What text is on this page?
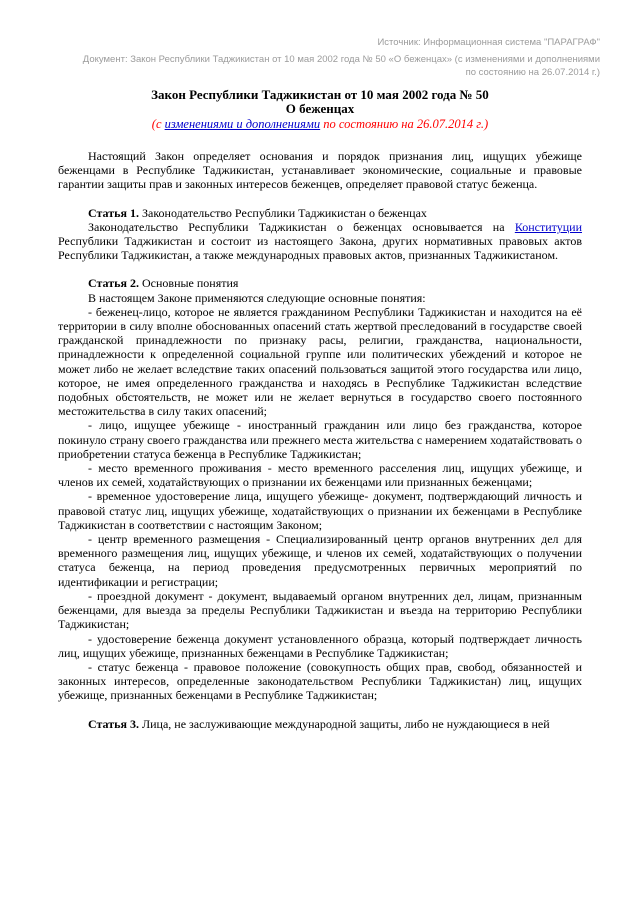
Источник: Информационная система "ПАРАГРАФ"
Документ: Закон Республики Таджикистан от 10 мая 2002 года № 50 «О беженцах» (с изменениями и дополнениями по состоянию на 26.07.2014 г.)
Закон Республики Таджикистан от 10 мая 2002 года № 50
О беженцах
(с изменениями и дополнениями по состоянию на 26.07.2014 г.)

Настоящий Закон определяет основания и порядок признания лиц, ищущих убежище беженцами в Республике Таджикистан, устанавливает экономические, социальные и правовые гарантии защиты прав и законных интересов беженцев, определяет правовой статус беженца.

Статья 1. Законодательство Республики Таджикистан о беженцах

Законодательство Республики Таджикистан о беженцах основывается на Конституции Республики Таджикистан и состоит из настоящего Закона, других нормативных правовых актов Республики Таджикистан, а также международных правовых актов, признанных Таджикистаном.

Статья 2. Основные понятия

В настоящем Законе применяются следующие основные понятия:

- беженец-лицо, которое не является гражданином Республики Таджикистан и находится на её территории в силу вполне обоснованных опасений стать жертвой преследований в государстве своей гражданской принадлежности по признаку расы, религии, гражданства, национальности, принадлежности к определенной социальной группе или политических убеждений и которое не может либо не желает вследствие таких опасений пользоваться защитой этого государства или лицо, которое, не имея определенного гражданства и находясь в Республике Таджикистан вследствие подобных обстоятельств, не может или не желает вернуться в государство своего постоянного местожительства в силу таких опасений;

- лицо, ищущее убежище - иностранный гражданин или лицо без гражданства, которое покинуло страну своего гражданства или прежнего места жительства с намерением ходатайствовать о приобретении статуса беженца в Республике Таджикистан;

- место временного проживания - место временного расселения лиц, ищущих убежище, и членов их семей, ходатайствующих о признании их беженцами или признанных беженцами;

- временное удостоверение лица, ищущего убежище- документ, подтверждающий личность и правовой статус лиц, ищущих убежище, ходатайствующих о признании их беженцами в Республике Таджикистан в соответствии с настоящим Законом;

- центр временного размещения - Специализированный центр органов внутренних дел для временного размещения лиц, ищущих убежище, и членов их семей, ходатайствующих о получении статуса беженца, на период проведения предусмотренных первичных мероприятий по идентификации и регистрации;

- проездной документ - документ, выдаваемый органом внутренних дел, лицам, признанным беженцами, для выезда за пределы Республики Таджикистан и въезда на территорию Республики Таджикистан;

- удостоверение беженца документ установленного образца, который подтверждает личность лиц, ищущих убежище, признанных беженцами в Республике Таджикистан;

- статус беженца - правовое положение (совокупность общих прав, свобод, обязанностей и законных интересов, определенные законодательством Республики Таджикистан) лиц, ищущих убежище, признанных беженцами в Республике Таджикистан;

Статья 3. Лица, не заслуживающие международной защиты, либо не нуждающиеся в ней
